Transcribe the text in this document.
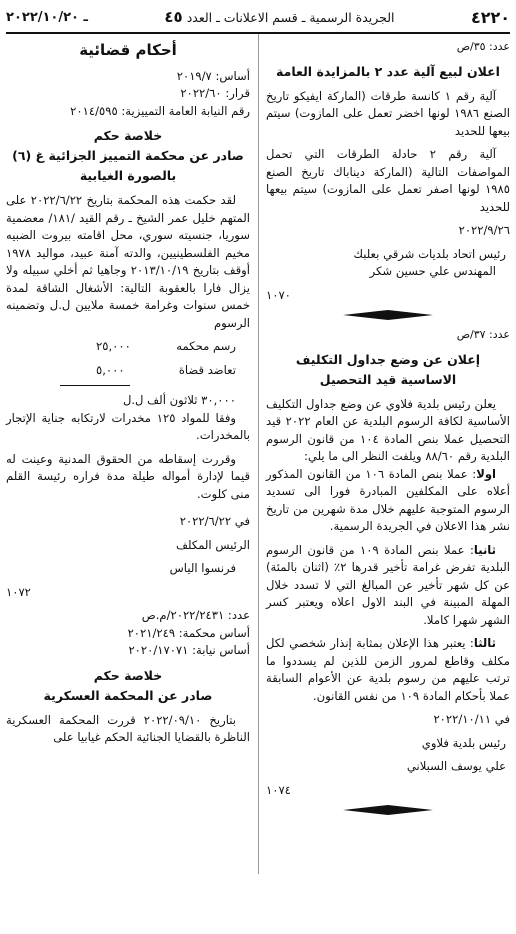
٤٢٢٠
الجريدة الرسمية ـ قسم الاعلانات ـ العدد ٤٥
ـ ٢٠٢٢/١٠/٢٠
عدد: ٣٥/ص
اعلان لبيع آلية عدد ٢ بالمزايدة العامة

آلية رقم ١ كانسة طرقات (الماركة ايفيكو تاريخ الصنع ١٩٨٦ لونها اخضر تعمل على المازوت) سيتم بيعها للحديد

آلية رقم ٢ حادلة الطرقات التي تحمل المواصفات التالية (الماركة ديناباك تاريخ الصنع ١٩٨٥ لونها اصفر تعمل على المازوت) سيتم بيعها للحديد

٢٠٢٢/٩/٢٦
رئيس اتحاد بلديات شرقي بعلبك
المهندس علي حسين شكر
١٠٧٠
عدد: ٣٧/ص
إعلان عن وضع جداول التكليف الاساسية قيد التحصيل

يعلن رئيس بلدية فلاوي عن وضع جداول التكليف الأساسية لكافة الرسوم البلدية عن العام ٢٠٢٢ قيد التحصيل عملا بنص المادة ١٠٤ من قانون الرسوم البلدية رقم ٨٨/٦٠ ويلفت النظر الى ما يلي:

اولا: عملا بنص المادة ١٠٦ من القانون المذكور أعلاه على المكلفين المبادرة فورا الى تسديد الرسوم المتوجبة عليهم خلال مدة شهرين من تاريخ نشر هذا الاعلان في الجريدة الرسمية.

ثانيا: عملا بنص المادة ١٠٩ من قانون الرسوم البلدية تفرض غرامة تأخير قدرها ٢٪ (اثنان بالمئة) عن كل شهر تأخير عن المبالغ التي لا تسدد خلال المهلة المبينة في البند الاول اعلاه ويعتبر كسر الشهر شهرا كاملا.

ثالثا: يعتبر هذا الإعلان بمثابة إنذار شخصي لكل مكلف وقاطع لمرور الزمن للذين لم يسددوا ما ترتب عليهم من رسوم بلدية عن الأعوام السابقة عملا بأحكام المادة ١٠٩ من نفس القانون.

في ٢٠٢٢/١٠/١١
رئيس بلدية فلاوي
علي يوسف السبلاني
١٠٧٤
أحكام قضائية
أساس: ٢٠١٩/٧
قرار: ٢٠٢٢/٦٠
رقم النيابة العامة التمييزية: ٢٠١٤/٥٩٥
خلاصة حكم
صادر عن محكمة التمييز الجزائية غ (٦)
بالصورة الغيابية

لقد حكمت هذه المحكمة بتاريخ ٢٠٢٢/٦/٢٢ على المتهم خليل عمر الشيخ ـ رقم القيد /١٨١/ معضمية سوريا، جنسيته سوري، محل اقامته بيروت الضبيه مخيم الفلسطينيين، والدته آمنة عبيد، مواليد ١٩٧٨ أوقف بتاريخ ٢٠١٣/١٠/١٩ وجاهيا ثم أخلي سبيله ولا يزال فارا بالعقوبة التالية: الأشغال الشاقة لمدة خمس سنوات وغرامة خمسة ملايين ل.ل وتضمينه الرسوم

رسم محكمه
٢٥,٠٠٠
تعاضد قضاة
٥,٠٠٠
٣٠,٠٠٠ ثلاثون ألف ل.ل

وفقا للمواد ١٢٥ مخدرات لارتكابه جناية الإتجار بالمخدرات.

وقررت إسقاطه من الحقوق المدنية وعينت له قيما لإدارة أمواله طيلة مدة فراره رئيسة القلم منى كلوت.

في ٢٠٢٢/٦/٢٢
الرئيس المكلف
فرنسوا الياس
١٠٧٢
عدد: ٢٠٢٢/٢٤٣١/م.ص
أساس محكمة: ٢٠٢١/٢٤٩
أساس نيابة: ٢٠٢٠/١٧٠٧١
خلاصة حكم
صادر عن المحكمة العسكرية

بتاريخ ٢٠٢٢/٠٩/١٠ قررت المحكمة العسكرية الناظرة بالقضايا الجنائية الحكم غيابيا على
